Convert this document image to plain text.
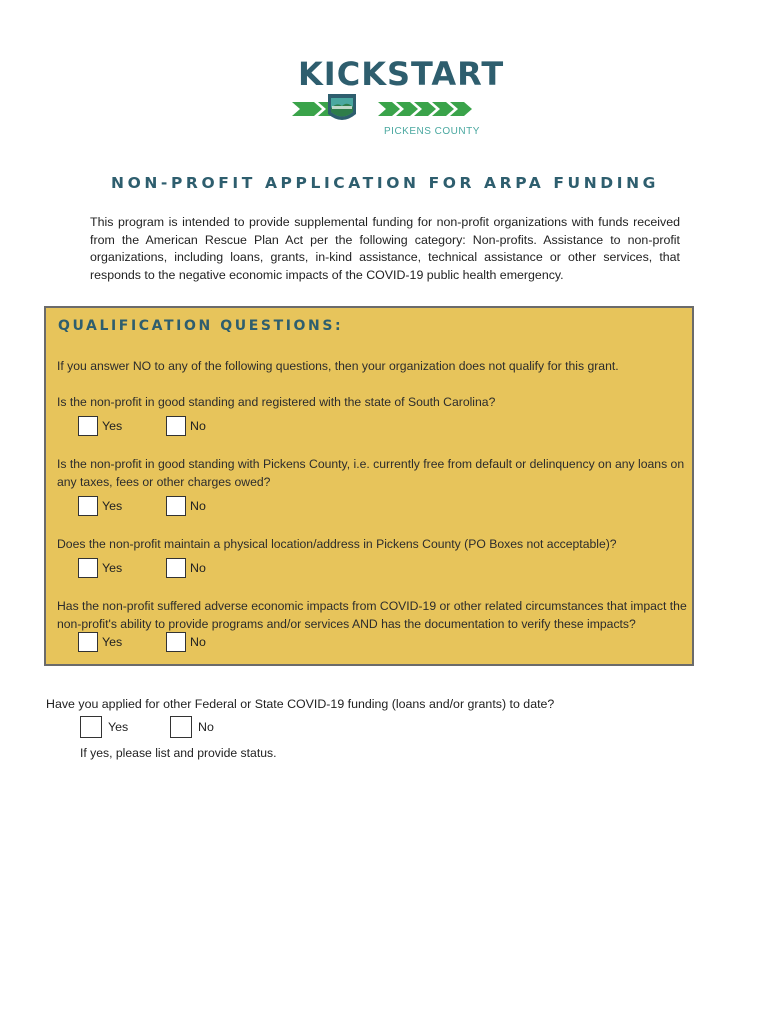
KICKSTART
PICKENS COUNTY
NON-PROFIT APPLICATION FOR ARPA FUNDING
This program is intended to provide supplemental funding for non-profit organizations with funds received from the American Rescue Plan Act per the following category: Non-profits. Assistance to non-profit organizations, including loans, grants, in-kind assistance, technical assistance or other services, that responds to the negative economic impacts of the COVID-19 public health emergency.
QUALIFICATION QUESTIONS:
If you answer NO to any of the following questions, then your organization does not qualify for this grant.
Is the non-profit in good standing and registered with the state of South Carolina?
Yes	No
Is the non-profit in good standing with Pickens County, i.e. currently free from default or delinquency on any loans on any taxes, fees or other charges owed?
Yes	No
Does the non-profit maintain a physical location/address in Pickens County (PO Boxes not acceptable)?
Yes	No
Has the non-profit suffered adverse economic impacts from COVID-19 or other related circumstances that impact the non-profit's ability to provide programs and/or services AND has the documentation to verify these impacts?
Yes	No
Have you applied for other Federal or State COVID-19 funding (loans and/or grants) to date?
Yes	No
If yes, please list and provide status.
